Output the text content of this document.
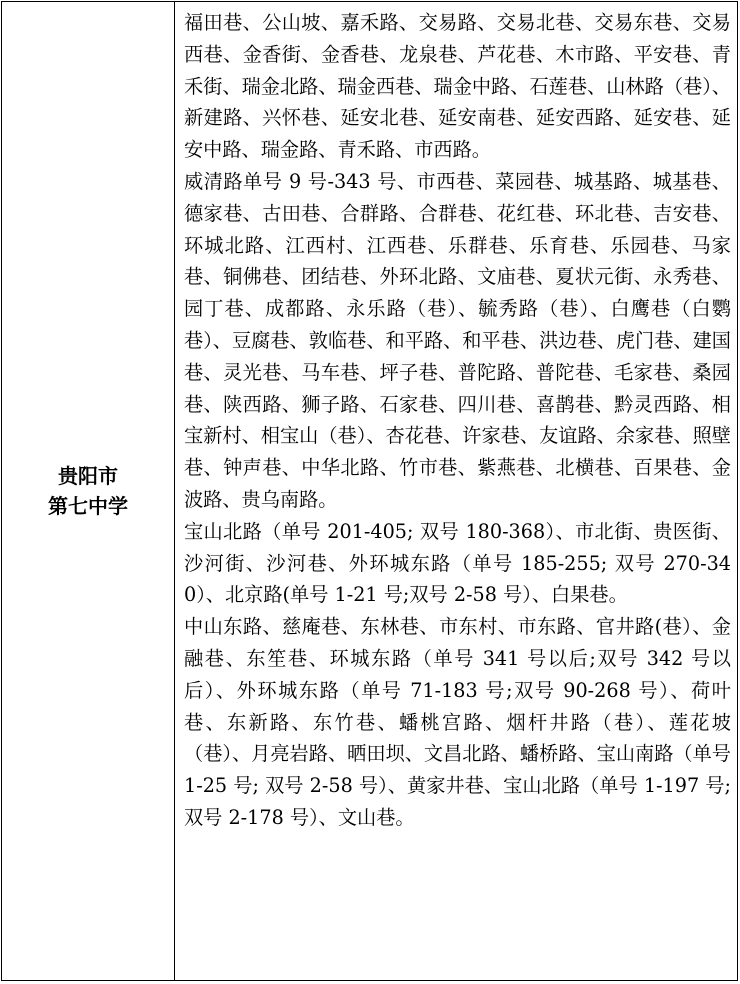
贵阳市
第七中学

福田巷、公山坡、嘉禾路、交易路、交易北巷、交易东巷、交易西巷、金香街、金香巷、龙泉巷、芦花巷、木市路、平安巷、青禾街、瑞金北路、瑞金西巷、瑞金中路、石莲巷、山林路（巷）、新建路、兴怀巷、延安北巷、延安南巷、延安西路、延安巷、延安中路、瑞金路、青禾路、市西路。

威清路单号 9 号-343 号、市西巷、菜园巷、城基路、城基巷、德家巷、古田巷、合群路、合群巷、花红巷、环北巷、吉安巷、环城北路、江西村、江西巷、乐群巷、乐育巷、乐园巷、马家巷、铜佛巷、团结巷、外环北路、文庙巷、夏状元街、永秀巷、园丁巷、成都路、永乐路（巷）、毓秀路（巷）、白鹰巷（白鹦巷）、豆腐巷、敦临巷、和平路、和平巷、洪边巷、虎门巷、建国巷、灵光巷、马车巷、坪子巷、普陀路、普陀巷、毛家巷、桑园巷、陕西路、狮子路、石家巷、四川巷、喜鹊巷、黔灵西路、相宝新村、相宝山（巷）、杏花巷、许家巷、友谊路、余家巷、照壁巷、钟声巷、中华北路、竹市巷、紫燕巷、北横巷、百果巷、金波路、贵乌南路。

宝山北路（单号 201-405; 双号 180-368）、市北街、贵医街、沙河街、沙河巷、外环城东路（单号 185-255; 双号 270-340）、北京路(单号 1-21 号;双号 2-58 号）、白果巷。

中山东路、慈庵巷、东林巷、市东村、市东路、官井路(巷）、金融巷、东笙巷、环城东路（单号 341 号以后;双号 342 号以后）、外环城东路（单号 71-183 号;双号 90-268 号）、荷叶巷、东新路、东竹巷、蟠桃宫路、烟杆井路（巷）、莲花坡（巷）、月亮岩路、晒田坝、文昌北路、蟠桥路、宝山南路（单号 1-25 号; 双号 2-58 号）、黄家井巷、宝山北路（单号 1-197 号;双号 2-178 号）、文山巷。
